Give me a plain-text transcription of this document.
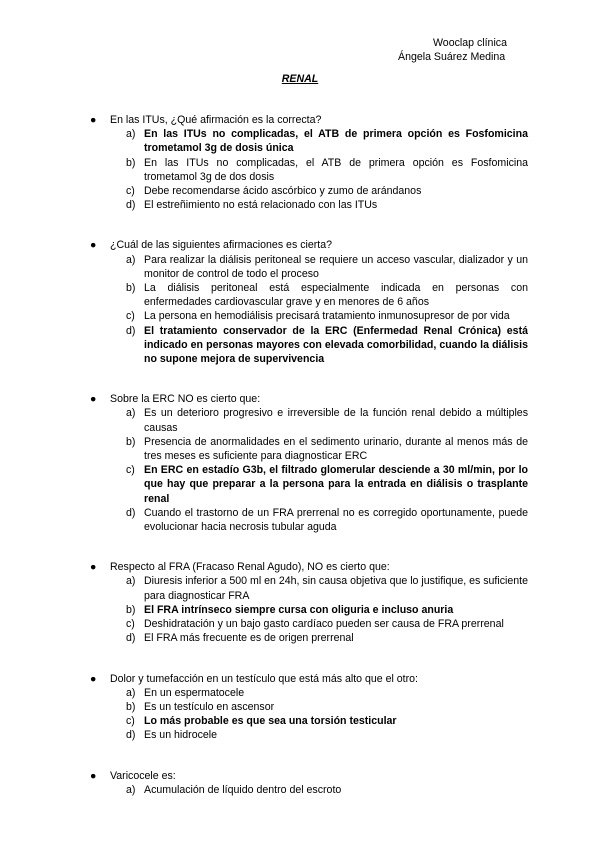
Wooclap clínica
Ángela Suárez Medina
RENAL
● En las ITUs, ¿Qué afirmación es la correcta?
a) En las ITUs no complicadas, el ATB de primera opción es Fosfomicina trometamol 3g de dosis única
b) En las ITUs no complicadas, el ATB de primera opción es Fosfomicina trometamol 3g de dos dosis
c) Debe recomendarse ácido ascórbico y zumo de arándanos
d) El estreñimiento no está relacionado con las ITUs
● ¿Cuál de las siguientes afirmaciones es cierta?
a) Para realizar la diálisis peritoneal se requiere un acceso vascular, dializador y un monitor de control de todo el proceso
b) La diálisis peritoneal está especialmente indicada en personas con enfermedades cardiovascular grave y en menores de 6 años
c) La persona en hemodiálisis precisará tratamiento inmunosupresor de por vida
d) El tratamiento conservador de la ERC (Enfermedad Renal Crónica) está indicado en personas mayores con elevada comorbilidad, cuando la diálisis no supone mejora de supervivencia
● Sobre la ERC NO es cierto que:
a) Es un deterioro progresivo e irreversible de la función renal debido a múltiples causas
b) Presencia de anormalidades en el sedimento urinario, durante al menos más de tres meses es suficiente para diagnosticar ERC
c) En ERC en estadío G3b, el filtrado glomerular desciende a 30 ml/min, por lo que hay que preparar a la persona para la entrada en diálisis o trasplante renal
d) Cuando el trastorno de un FRA prerrenal no es corregido oportunamente, puede evolucionar hacia necrosis tubular aguda
● Respecto al FRA (Fracaso Renal Agudo), NO es cierto que:
a) Diuresis inferior a 500 ml en 24h, sin causa objetiva que lo justifique, es suficiente para diagnosticar FRA
b) El FRA intrínseco siempre cursa con oliguria e incluso anuria
c) Deshidratación y un bajo gasto cardíaco pueden ser causa de FRA prerrenal
d) El FRA más frecuente es de origen prerrenal
● Dolor y tumefacción en un testículo que está más alto que el otro:
a) En un espermatocele
b) Es un testículo en ascensor
c) Lo más probable es que sea una torsión testicular
d) Es un hidrocele
● Varicocele es:
a) Acumulación de líquido dentro del escroto
